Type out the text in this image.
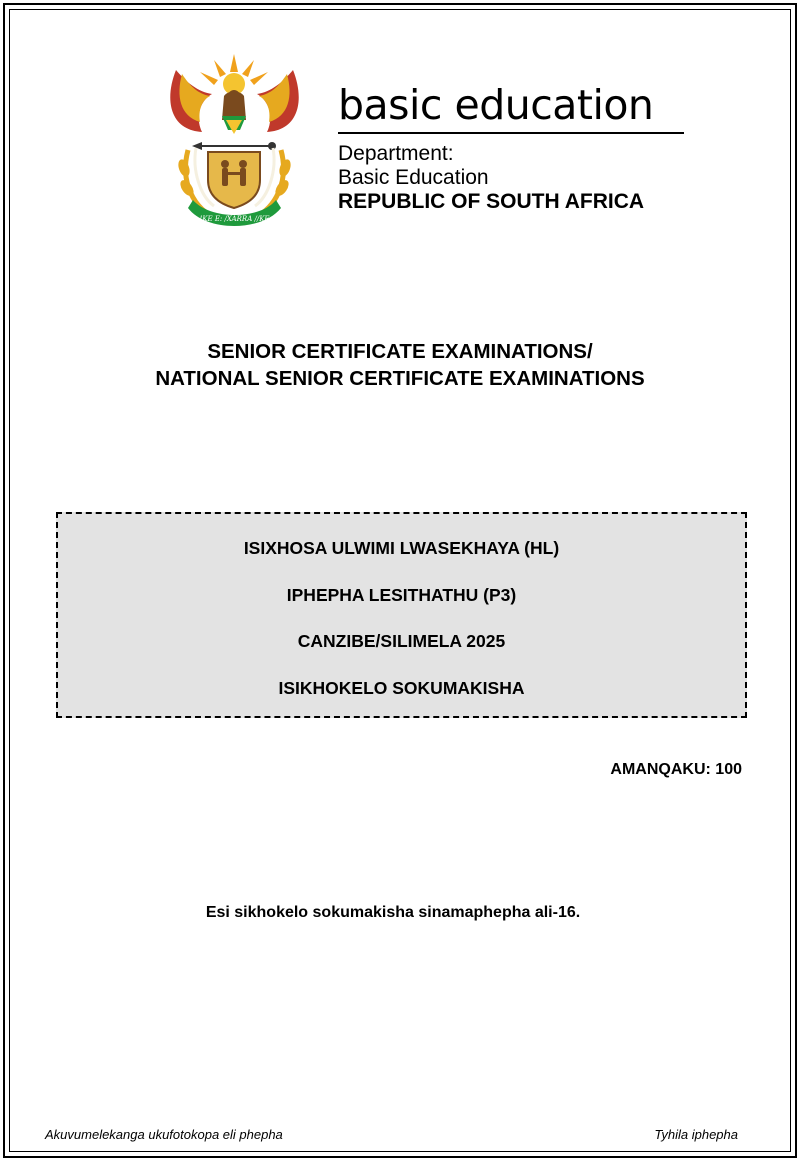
!KE E: /XARRA //KE
basic education
Department:
Basic Education
REPUBLIC OF SOUTH AFRICA
SENIOR CERTIFICATE EXAMINATIONS/
NATIONAL SENIOR CERTIFICATE EXAMINATIONS
ISIXHOSA ULWIMI LWASEKHAYA (HL)
IPHEPHA LESITHATHU (P3)
CANZIBE/SILIMELA 2025
ISIKHOKELO SOKUMAKISHA
AMANQAKU: 100
Esi sikhokelo sokumakisha sinamaphepha ali-16.
Akuvumelekanga ukufotokopa eli phepha	Tyhila iphepha
